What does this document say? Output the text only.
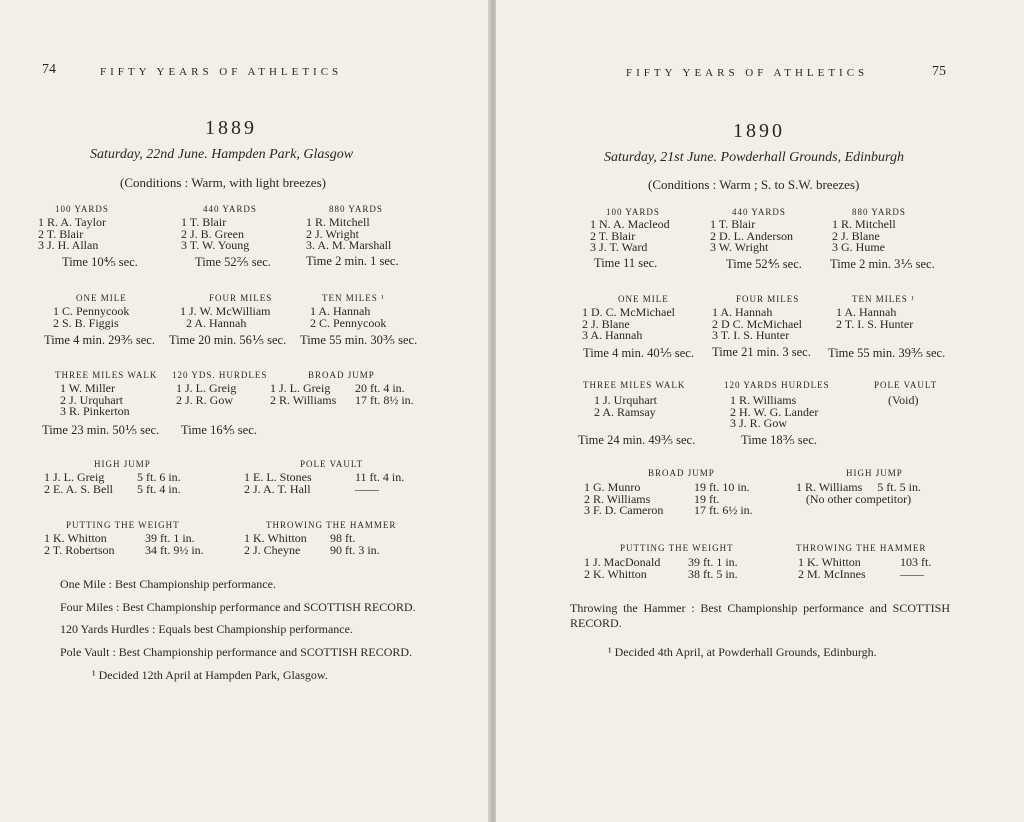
74	FIFTY YEARS OF ATHLETICS
1889
Saturday, 22nd June. Hampden Park, Glasgow
(Conditions : Warm, with light breezes)
100 YARDS
1 R. A. Taylor
2 T. Blair
3 J. H. Allan
Time 10⅘ sec.
440 YARDS
1 T. Blair
2 J. B. Green
3 T. W. Young
Time 52⅖ sec.
880 YARDS
1 R. Mitchell
2 J. Wright
3. A. M. Marshall
Time 2 min. 1 sec.
ONE MILE
1 C. Pennycook
2 S. B. Figgis
Time 4 min. 29⅗ sec.
FOUR MILES
1 J. W. McWilliam
2 A. Hannah
Time 20 min. 56⅕ sec.
TEN MILES ¹
1 A. Hannah
2 C. Pennycook
Time 55 min. 30⅗ sec.
THREE MILES WALK
1 W. Miller
2 J. Urquhart
3 R. Pinkerton
Time 23 min. 50⅕ sec.
120 YDS. HURDLES
1 J. L. Greig
2 J. R. Gow
Time 16⅘ sec.
BROAD JUMP
1 J. L. Greig
2 R. Williams
20 ft. 4 in.
17 ft. 8½ in.
HIGH JUMP
1 J. L. Greig
2 E. A. S. Bell
5 ft. 6 in.
5 ft. 4 in.
POLE VAULT
1 E. L. Stones
2 J. A. T. Hall
11 ft. 4 in.
——
PUTTING THE WEIGHT
1 K. Whitton
2 T. Robertson
39 ft. 1 in.
34 ft. 9½ in.
THROWING THE HAMMER
1 K. Whitton
2 J. Cheyne
98 ft.
90 ft. 3 in.
One Mile : Best Championship performance.
Four Miles : Best Championship performance and SCOTTISH RECORD.
120 Yards Hurdles : Equals best Championship performance.
Pole Vault : Best Championship performance and SCOTTISH RECORD.
¹ Decided 12th April at Hampden Park, Glasgow.
FIFTY YEARS OF ATHLETICS	75
1890
Saturday, 21st June. Powderhall Grounds, Edinburgh
(Conditions : Warm ; S. to S.W. breezes)
100 YARDS
1 N. A. Macleod
2 T. Blair
3 J. T. Ward
Time 11 sec.
440 YARDS
1 T. Blair
2 D. L. Anderson
3 W. Wright
Time 52⅘ sec.
880 YARDS
1 R. Mitchell
2 J. Blane
3 G. Hume
Time 2 min. 3⅕ sec.
ONE MILE
1 D. C. McMichael
2 J. Blane
3 A. Hannah
Time 4 min. 40⅕ sec.
FOUR MILES
1 A. Hannah
2 D C. McMichael
3 T. I. S. Hunter
Time 21 min. 3 sec.
TEN MILES ¹
1 A. Hannah
2 T. I. S. Hunter
Time 55 min. 39⅗ sec.
THREE MILES WALK
1 J. Urquhart
2 A. Ramsay
Time 24 min. 49⅗ sec.
120 YARDS HURDLES
1 R. Williams
2 H. W. G. Lander
3 J. R. Gow
Time 18⅗ sec.
POLE VAULT
(Void)
BROAD JUMP
1 G. Munro
2 R. Williams
3 F. D. Cameron
19 ft. 10 in.
19 ft.
17 ft. 6½ in.
HIGH JUMP
1 R. Williams     5 ft. 5 in.
(No other competitor)
PUTTING THE WEIGHT
1 J. MacDonald
2 K. Whitton
39 ft. 1 in.
38 ft. 5 in.
THROWING THE HAMMER
1 K. Whitton
2 M. McInnes
103 ft.
——
Throwing the Hammer : Best Championship performance and SCOTTISH RECORD.
¹ Decided 4th April, at Powderhall Grounds, Edinburgh.
